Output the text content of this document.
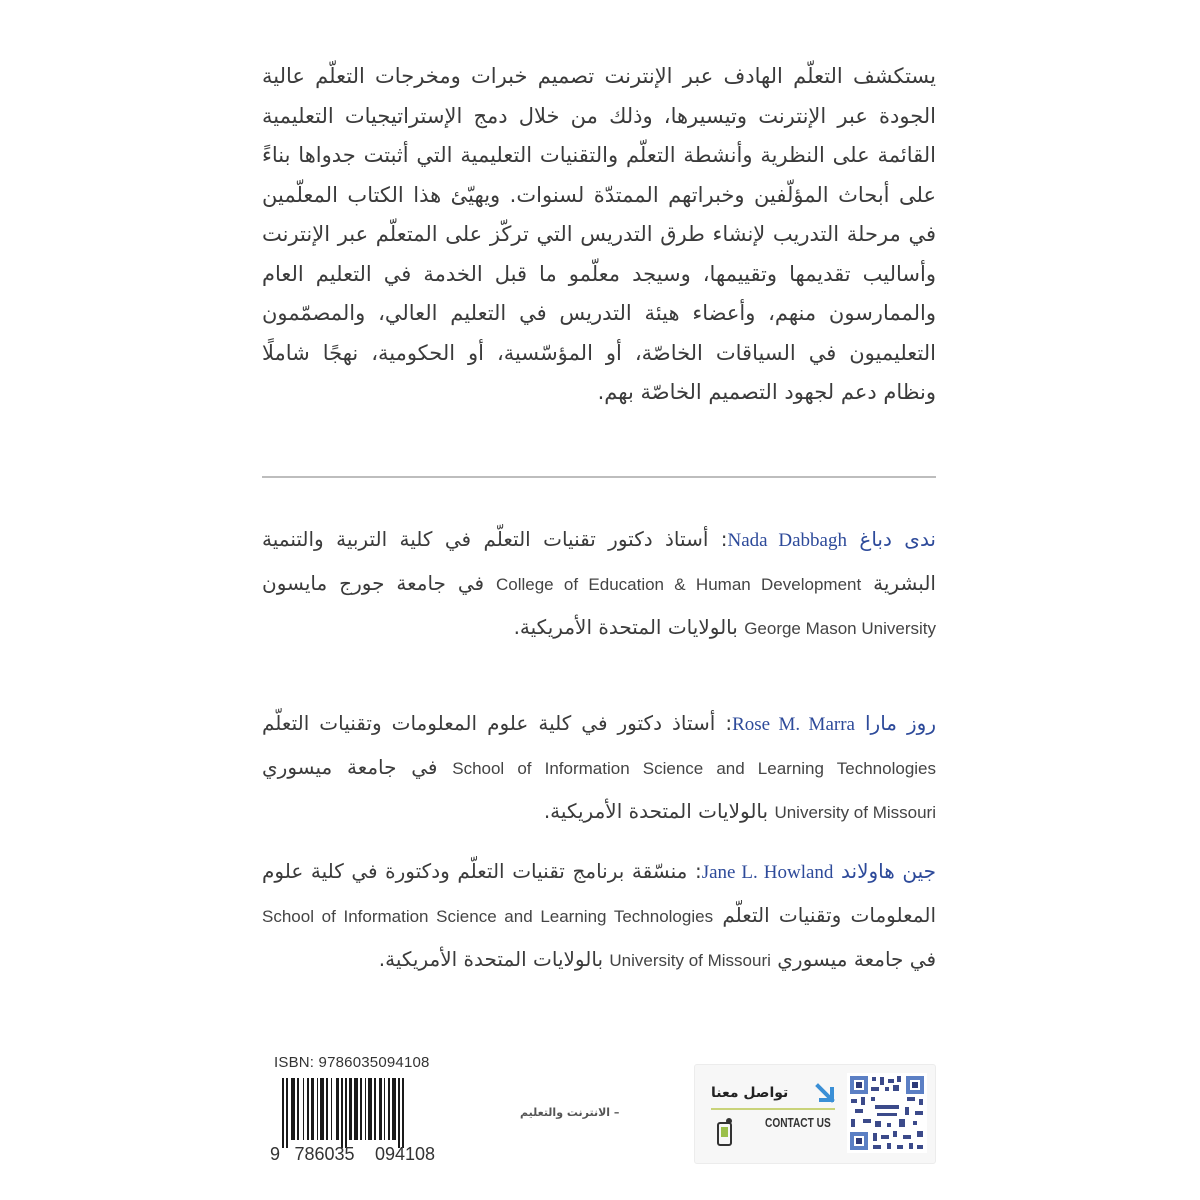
يستكشف التعلّم الهادف عبر الإنترنت تصميم خبرات ومخرجات التعلّم عالية الجودة عبر الإنترنت وتيسيرها، وذلك من خلال دمج الإستراتيجيات التعليمية القائمة على النظرية وأنشطة التعلّم والتقنيات التعليمية التي أثبتت جدواها بناءً على أبحاث المؤلّفين وخبراتهم الممتدّة لسنوات. ويهيّئ هذا الكتاب المعلّمين في مرحلة التدريب لإنشاء طرق التدريس التي تركّز على المتعلّم عبر الإنترنت وأساليب تقديمها وتقييمها، وسيجد معلّمو ما قبل الخدمة في التعليم العام والممارسون منهم، وأعضاء هيئة التدريس في التعليم العالي، والمصمّمون التعليميون في السياقات الخاصّة، أو المؤسّسية، أو الحكومية، نهجًا شاملًا ونظام دعم لجهود التصميم الخاصّة بهم.

ندى دباغ Nada Dabbagh: أستاذ دكتور تقنيات التعلّم في كلية التربية والتنمية البشرية College of Education & Human Development في جامعة جورج مايسون George Mason University بالولايات المتحدة الأمريكية.

روز مارا Rose M. Marra: أستاذ دكتور في كلية علوم المعلومات وتقنيات التعلّم School of Information Science and Learning Technologies في جامعة ميسوري University of Missouri بالولايات المتحدة الأمريكية.

جين هاولاند Jane L. Howland: منسّقة برنامج تقنيات التعلّم ودكتورة في كلية علوم المعلومات وتقنيات التعلّم School of Information Science and Learning Technologies في جامعة ميسوري University of Missouri بالولايات المتحدة الأمريكية.

ISBN: 9786035094108
9 786035	094108
– الانترنت والتعليم
تواصل معنا
CONTACT US
